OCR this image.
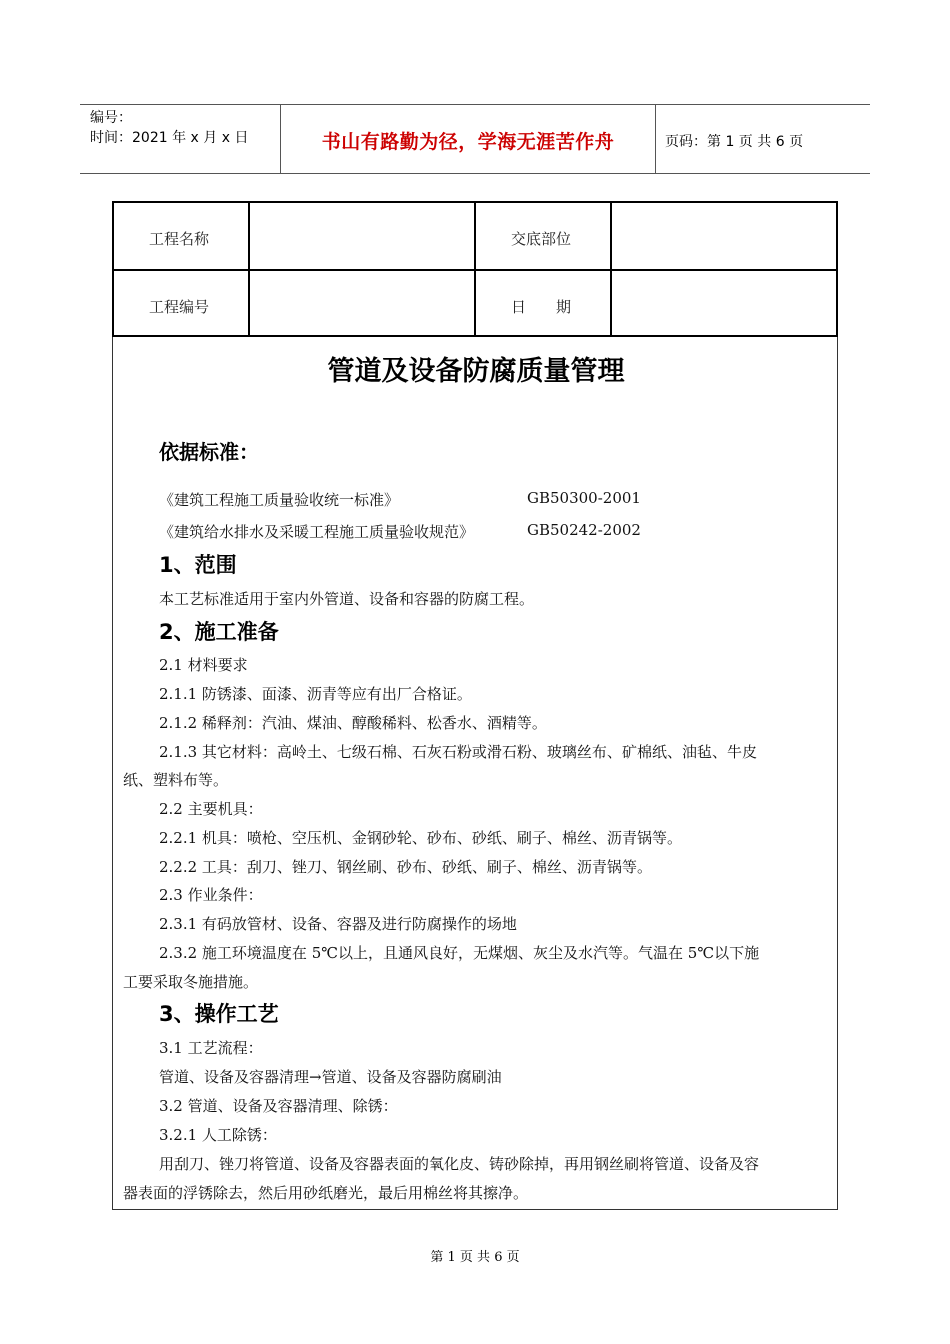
编号：
时间：2021 年 x 月 x 日	书山有路勤为径，学海无涯苦作舟	页码：第 1 页 共 6 页
工程名称	交底部位
工程编号	日　　期
管道及设备防腐质量管理
依据标准：
《建筑工程施工质量验收统一标准》	GB50300-2001
《建筑给水排水及采暖工程施工质量验收规范》	GB50242-2002
1、范围
本工艺标准适用于室内外管道、设备和容器的防腐工程。
2、施工准备
2.1 材料要求
2.1.1 防锈漆、面漆、沥青等应有出厂合格证。
2.1.2 稀释剂：汽油、煤油、醇酸稀料、松香水、酒精等。
2.1.3 其它材料：高岭土、七级石棉、石灰石粉或滑石粉、玻璃丝布、矿棉纸、油毡、牛皮
纸、塑料布等。
2.2 主要机具：
2.2.1 机具：喷枪、空压机、金钢砂轮、砂布、砂纸、刷子、棉丝、沥青锅等。
2.2.2 工具：刮刀、锉刀、钢丝刷、砂布、砂纸、刷子、棉丝、沥青锅等。
2.3 作业条件：
2.3.1 有码放管材、设备、容器及进行防腐操作的场地
2.3.2 施工环境温度在 5℃以上，且通风良好，无煤烟、灰尘及水汽等。气温在 5℃以下施
工要采取冬施措施。
3、操作工艺
3.1 工艺流程：
管道、设备及容器清理→管道、设备及容器防腐刷油
3.2 管道、设备及容器清理、除锈：
3.2.1 人工除锈：
用刮刀、锉刀将管道、设备及容器表面的氧化皮、铸砂除掉，再用钢丝刷将管道、设备及容
器表面的浮锈除去，然后用砂纸磨光，最后用棉丝将其擦净。
第 1 页 共 6 页
